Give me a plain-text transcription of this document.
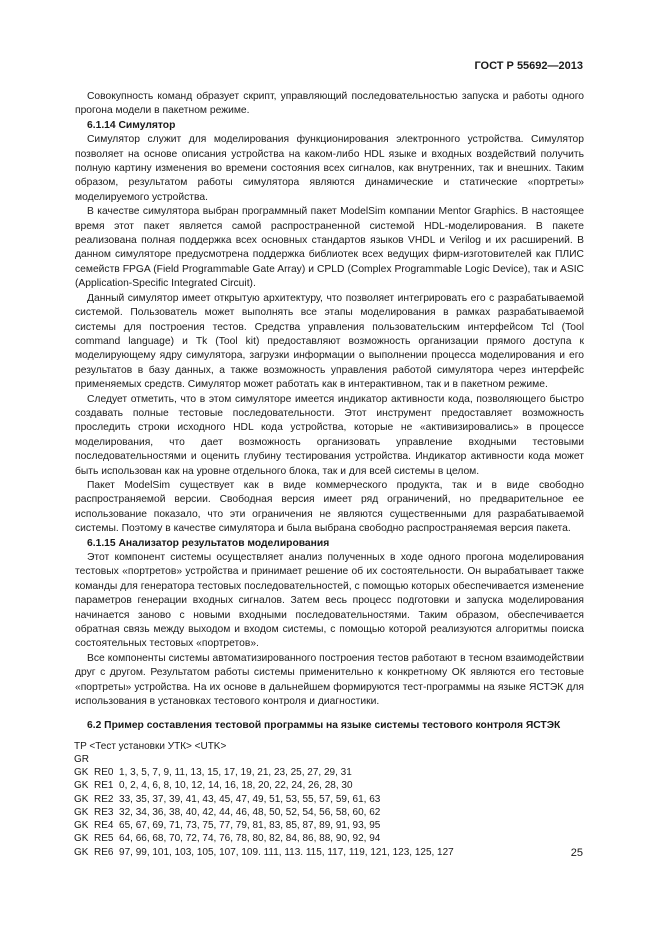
ГОСТ Р 55692—2013

Совокупность команд образует скрипт, управляющий последовательностью запуска и работы одного прогона модели в пакетном режиме.

6.1.14 Симулятор

Симулятор служит для моделирования функционирования электронного устройства. Симулятор позволяет на основе описания устройства на каком-либо HDL языке и входных воздействий получить полную картину изменения во времени состояния всех сигналов, как внутренних, так и внешних. Таким образом, результатом работы симулятора являются динамические и статические «портреты» моделируемого устройства.

В качестве симулятора выбран программный пакет ModelSim компании Mentor Graphics. В настоящее время этот пакет является самой распространенной системой HDL-моделирования. В пакете реализована полная поддержка всех основных стандартов языков VHDL и Verilog и их расширений. В данном симуляторе предусмотрена поддержка библиотек всех ведущих фирм-изготовителей как ПЛИС семейств FPGA (Field Programmable Gate Array) и CPLD (Complex Programmable Logic Device), так и ASIC (Application-Specific Integrated Circuit).

Данный симулятор имеет открытую архитектуру, что позволяет интегрировать его с разрабатываемой системой. Пользователь может выполнять все этапы моделирования в рамках разрабатываемой системы для построения тестов. Средства управления пользовательским интерфейсом Tcl (Tool command language) и Tk (Tool kit) предоставляют возможность организации прямого доступа к моделирующему ядру симулятора, загрузки информации о выполнении процесса моделирования и его результатов в базу данных, а также возможность управления работой симулятора через интерфейс применяемых средств. Симулятор может работать как в интерактивном, так и в пакетном режиме.

Следует отметить, что в этом симуляторе имеется индикатор активности кода, позволяющего быстро создавать полные тестовые последовательности. Этот инструмент предоставляет возможность проследить строки исходного HDL кода устройства, которые не «активизировались» в процессе моделирования, что дает возможность организовать управление входными тестовыми последовательностями и оценить глубину тестирования устройства. Индикатор активности кода может быть использован как на уровне отдельного блока, так и для всей системы в целом.

Пакет ModelSim существует как в виде коммерческого продукта, так и в виде свободно распространяемой версии. Свободная версия имеет ряд ограничений, но предварительное ее использование показало, что эти ограничения не являются существенными для разрабатываемой системы. Поэтому в качестве симулятора и была выбрана свободно распространяемая версия пакета.

6.1.15 Анализатор результатов моделирования

Этот компонент системы осуществляет анализ полученных в ходе одного прогона моделирования тестовых «портретов» устройства и принимает решение об их состоятельности. Он вырабатывает также команды для генератора тестовых последовательностей, с помощью которых обеспечивается изменение параметров генерации входных сигналов. Затем весь процесс подготовки и запуска моделирования начинается заново с новыми входными последовательностями. Таким образом, обеспечивается обратная связь между выходом и входом системы, с помощью которой реализуются алгоритмы поиска состоятельных тестовых «портретов».

Все компоненты системы автоматизированного построения тестов работают в тесном взаимодействии друг с другом. Результатом работы системы применительно к конкретному ОК являются его тестовые «портреты» устройства. На их основе в дальнейшем формируются тест-программы на языке ЯСТЭК для использования в установках тестового контроля и диагностики.

6.2 Пример составления тестовой программы на языке системы тестового контроля ЯСТЭК

TP <Тест установки УТК> <UTK>
GR
GK  RE0  1, 3, 5, 7, 9, 11, 13, 15, 17, 19, 21, 23, 25, 27, 29, 31
GK  RE1  0, 2, 4, 6, 8, 10, 12, 14, 16, 18, 20, 22, 24, 26, 28, 30
GK  RE2  33, 35, 37, 39, 41, 43, 45, 47, 49, 51, 53, 55, 57, 59, 61, 63
GK  RE3  32, 34, 36, 38, 40, 42, 44, 46, 48, 50, 52, 54, 56, 58, 60, 62
GK  RE4  65, 67, 69, 71, 73, 75, 77, 79, 81, 83, 85, 87, 89, 91, 93, 95
GK  RE5  64, 66, 68, 70, 72, 74, 76, 78, 80, 82, 84, 86, 88, 90, 92, 94
GK  RE6  97, 99, 101, 103, 105, 107, 109. 111, 113. 115, 117, 119, 121, 123, 125, 127	25
